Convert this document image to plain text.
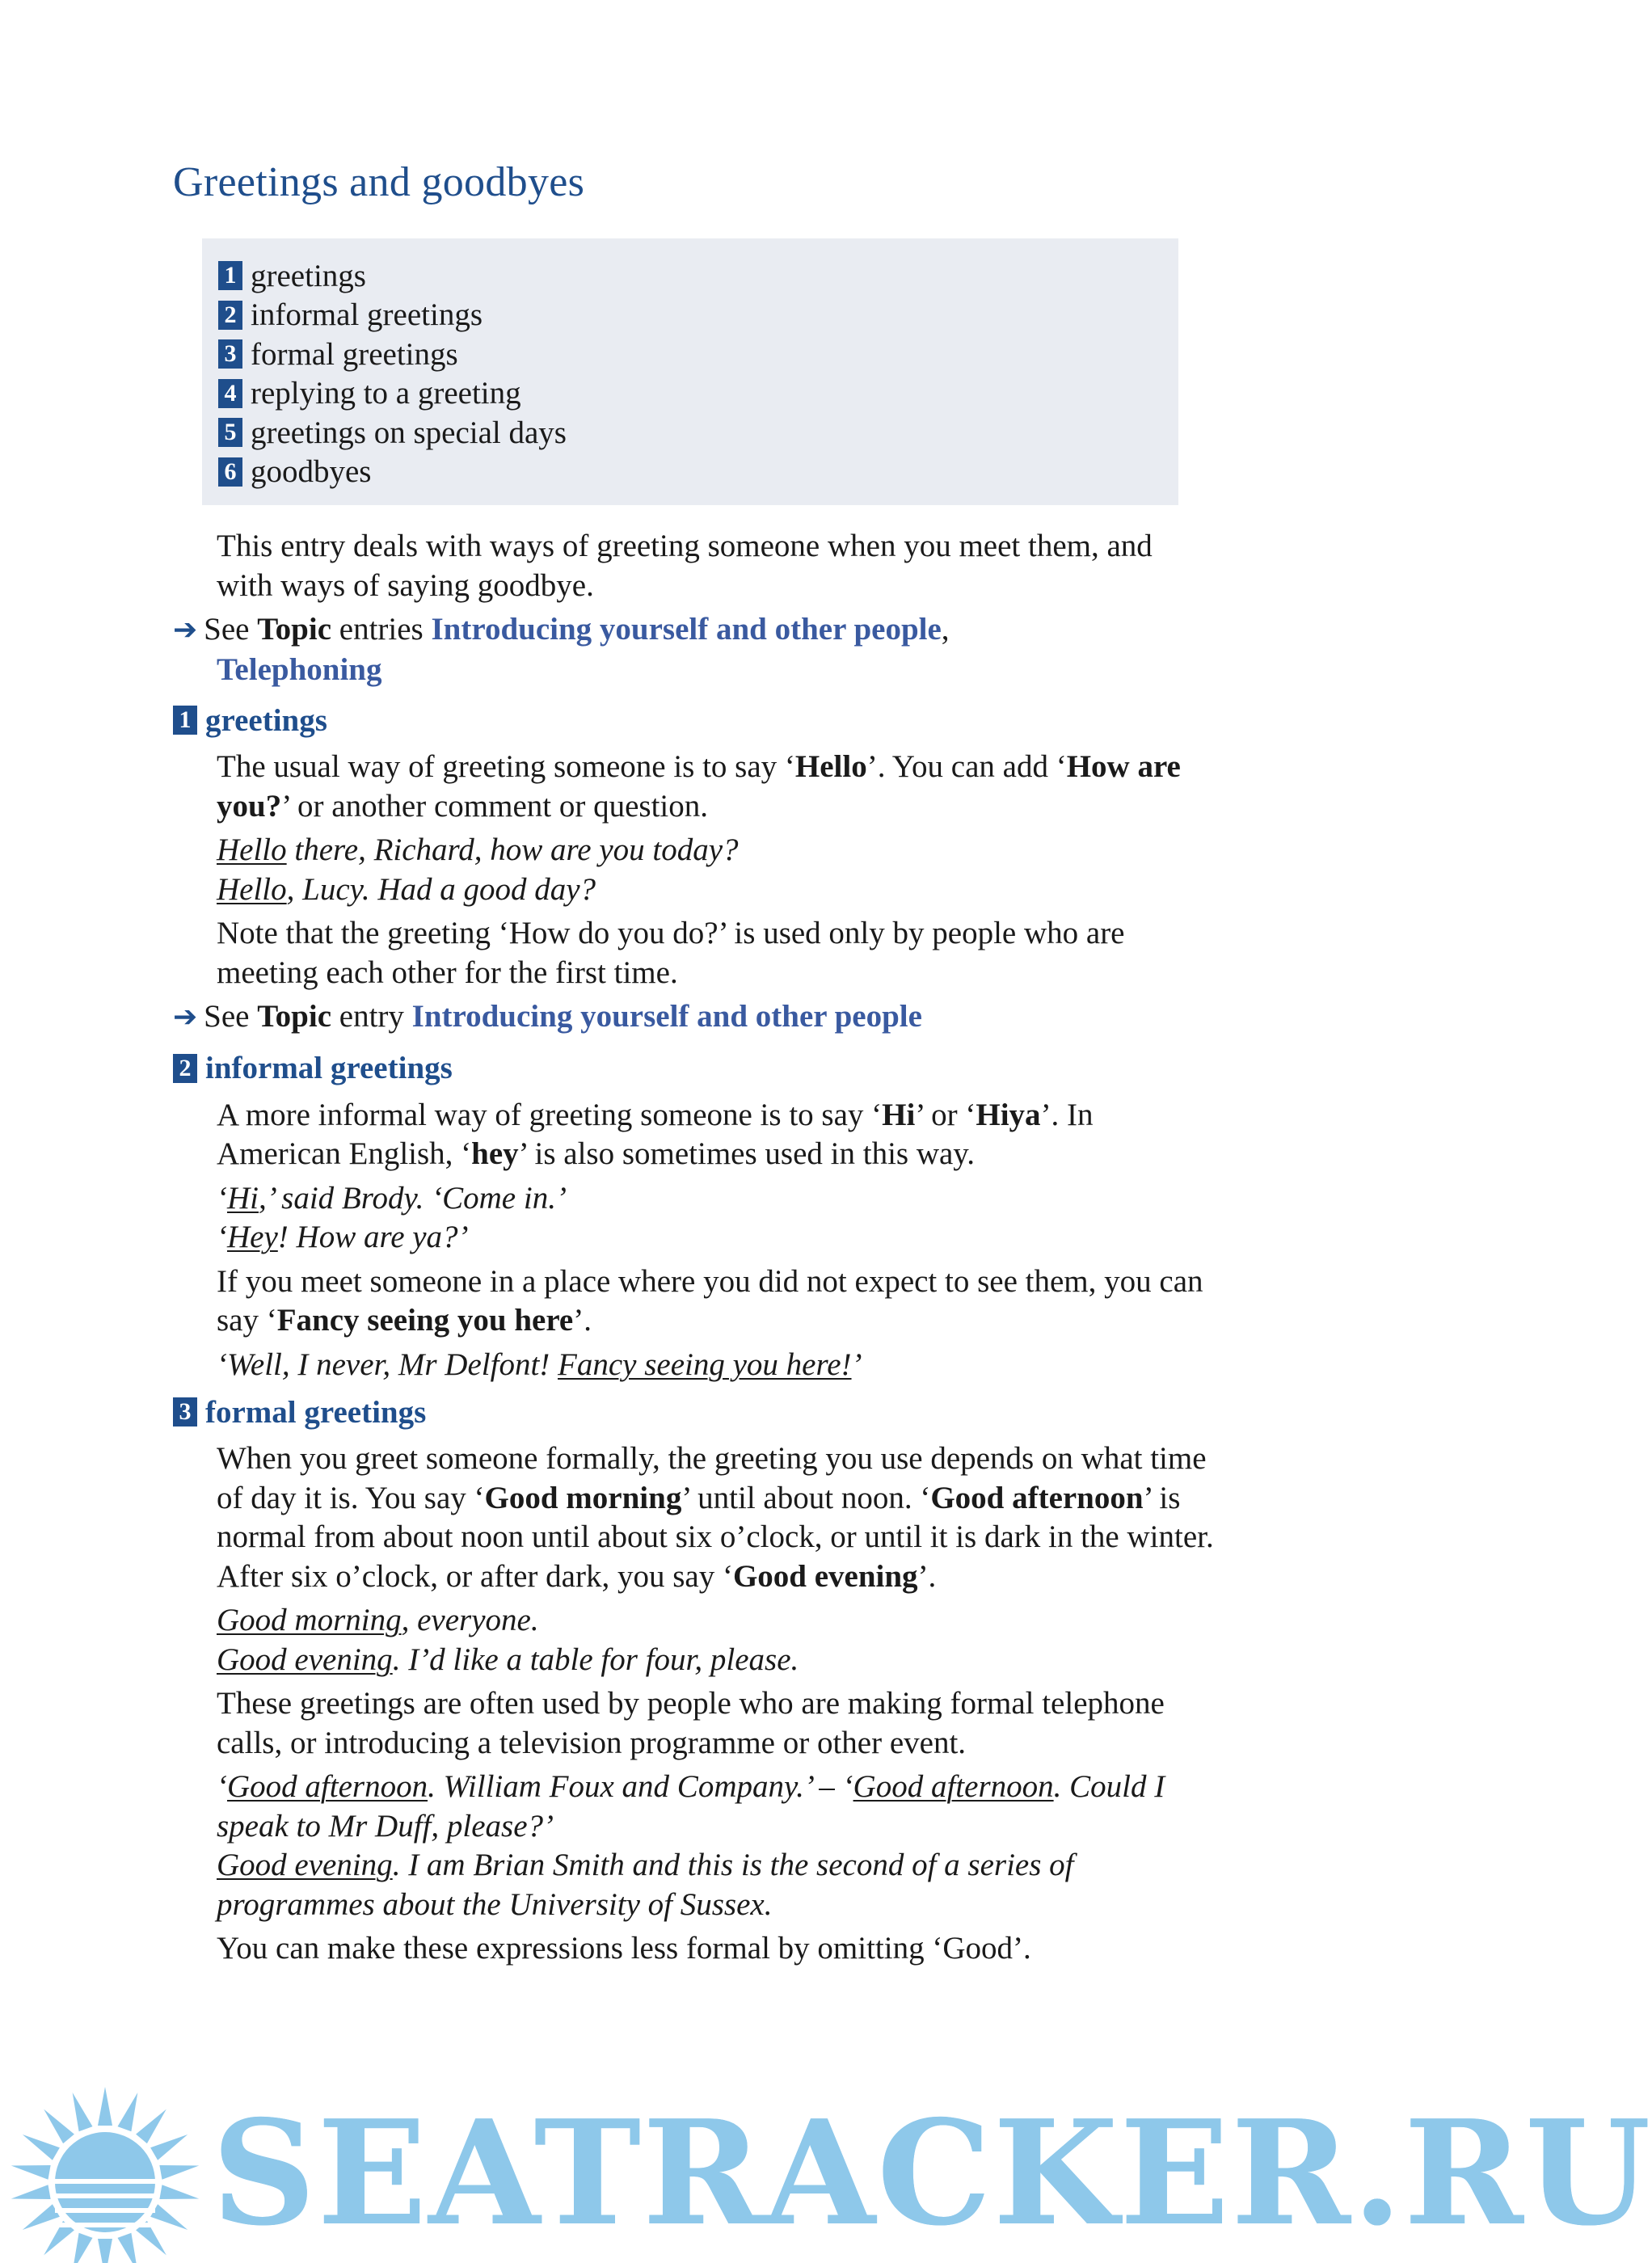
Greetings and goodbyes
1 greetings
2 informal greetings
3 formal greetings
4 replying to a greeting
5 greetings on special days
6 goodbyes

This entry deals with ways of greeting someone when you meet them, and with ways of saying goodbye.

➔ See Topic entries Introducing yourself and other people,
Telephoning

1 greetings

The usual way of greeting someone is to say ‘Hello’. You can add ‘How are you?’ or another comment or question.

Hello there, Richard, how are you today?
Hello, Lucy. Had a good day?

Note that the greeting ‘How do you do?’ is used only by people who are meeting each other for the first time.

➔ See Topic entry Introducing yourself and other people

2 informal greetings

A more informal way of greeting someone is to say ‘Hi’ or ‘Hiya’. In American English, ‘hey’ is also sometimes used in this way.

‘Hi,’ said Brody. ‘Come in.’
‘Hey! How are ya?’

If you meet someone in a place where you did not expect to see them, you can say ‘Fancy seeing you here’.

‘Well, I never, Mr Delfont! Fancy seeing you here!’
3 formal greetings

When you greet someone formally, the greeting you use depends on what time of day it is. You say ‘Good morning’ until about noon. ‘Good afternoon’ is normal from about noon until about six o’clock, or until it is dark in the winter. After six o’clock, or after dark, you say ‘Good evening’.

Good morning, everyone.
Good evening. I’d like a table for four, please.

These greetings are often used by people who are making formal telephone calls, or introducing a television programme or other event.

‘Good afternoon. William Foux and Company.’ – ‘Good afternoon. Could I speak to Mr Duff, please?’
Good evening. I am Brian Smith and this is the second of a series of programmes about the University of Sussex.

You can make these expressions less formal by omitting ‘Good’.

SEATRACKER.RU
